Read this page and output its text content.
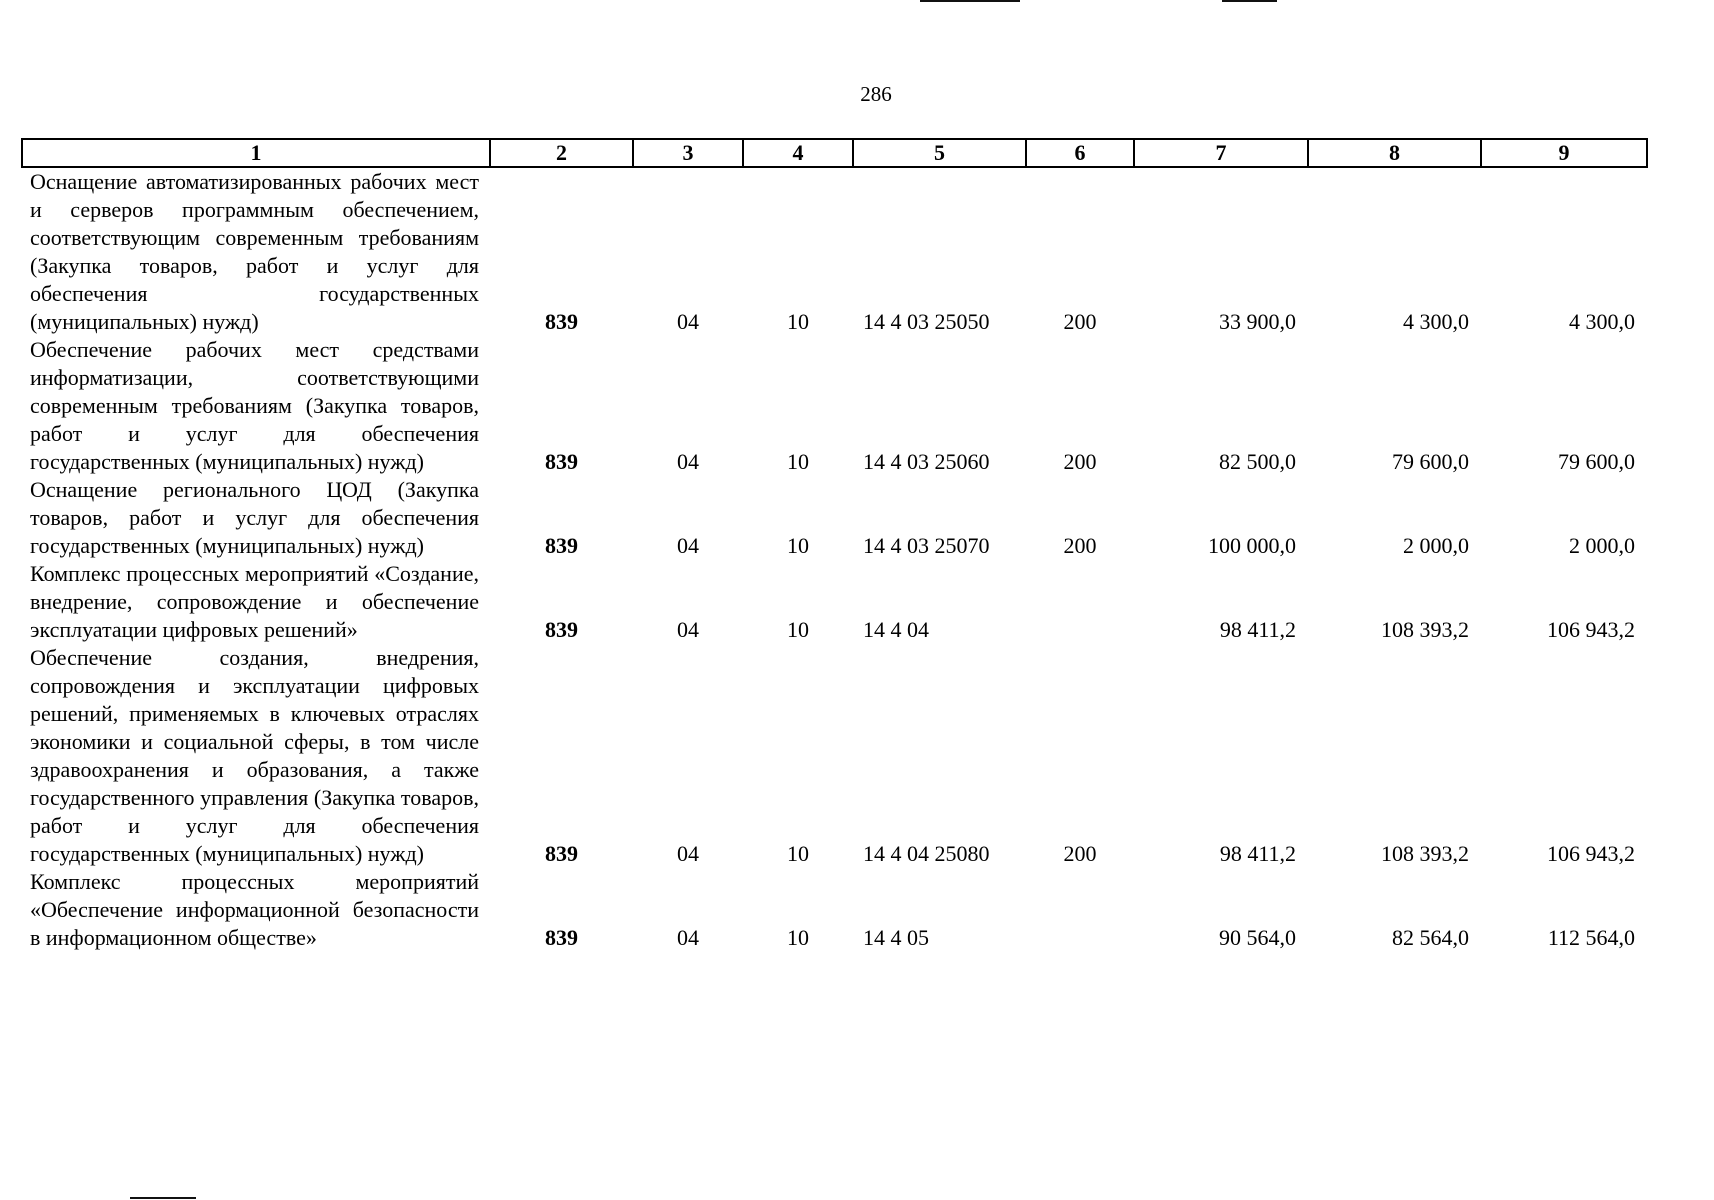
286
1	2	3	4	5	6	7	8	9
Оснащение автоматизированных рабочих мест и серверов программным обеспечением, соответствующим современным требованиям (Закупка товаров, работ и услуг для обеспечения государственных (муниципальных) нужд)	839	04	10	14 4 03 25050	200	33 900,0	4 300,0	4 300,0
Обеспечение рабочих мест средствами информатизации, соответствующими современным требованиям (Закупка товаров, работ и услуг для обеспечения государственных (муниципальных) нужд)	839	04	10	14 4 03 25060	200	82 500,0	79 600,0	79 600,0
Оснащение регионального ЦОД (Закупка товаров, работ и услуг для обеспечения государственных (муниципальных) нужд)	839	04	10	14 4 03 25070	200	100 000,0	2 000,0	2 000,0
Комплекс процессных мероприятий «Создание, внедрение, сопровождение и обеспечение эксплуатации цифровых решений»	839	04	10	14 4 04		98 411,2	108 393,2	106 943,2
Обеспечение создания, внедрения, сопровождения и эксплуатации цифровых решений, применяемых в ключевых отраслях экономики и социальной сферы, в том числе здравоохранения и образования, а также государственного управления (Закупка товаров, работ и услуг для обеспечения государственных (муниципальных) нужд)	839	04	10	14 4 04 25080	200	98 411,2	108 393,2	106 943,2
Комплекс процессных мероприятий «Обеспечение информационной безопасности в информационном обществе»	839	04	10	14 4 05		90 564,0	82 564,0	112 564,0
